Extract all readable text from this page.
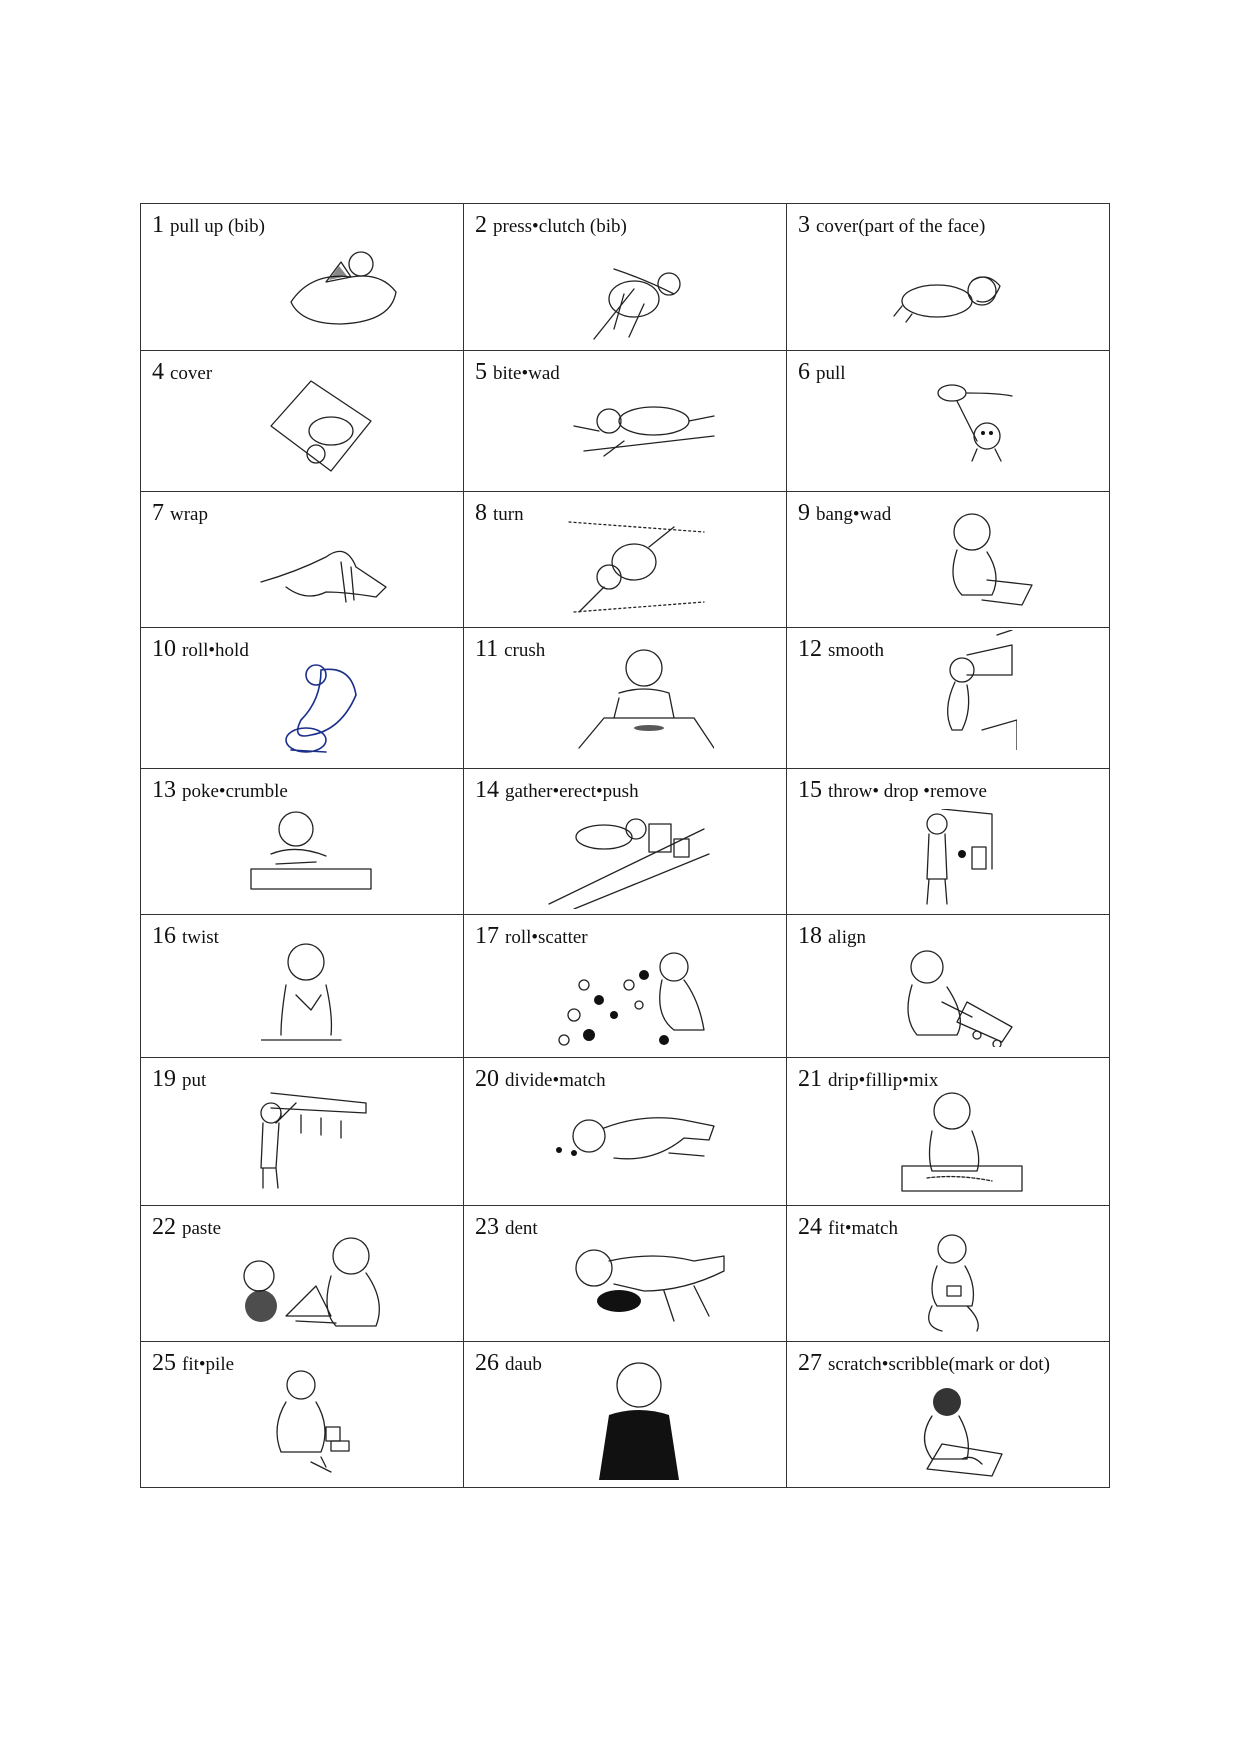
1 pull up (bib)	2 press•clutch (bib)	3 cover(part of the face)

4 cover	5 bite•wad	6 pull

7 wrap	8 turn	9 bang•wad

10 roll•hold	11 crush	12 smooth

13 poke•crumble	14 gather•erect•push	15 throw• drop •remove

16 twist	17 roll•scatter	18 align

19 put	20 divide•match	21 drip•fillip•mix

22 paste	23 dent	24 fit•match

25 fit•pile	26 daub	27 scratch•scribble(mark or dot)
